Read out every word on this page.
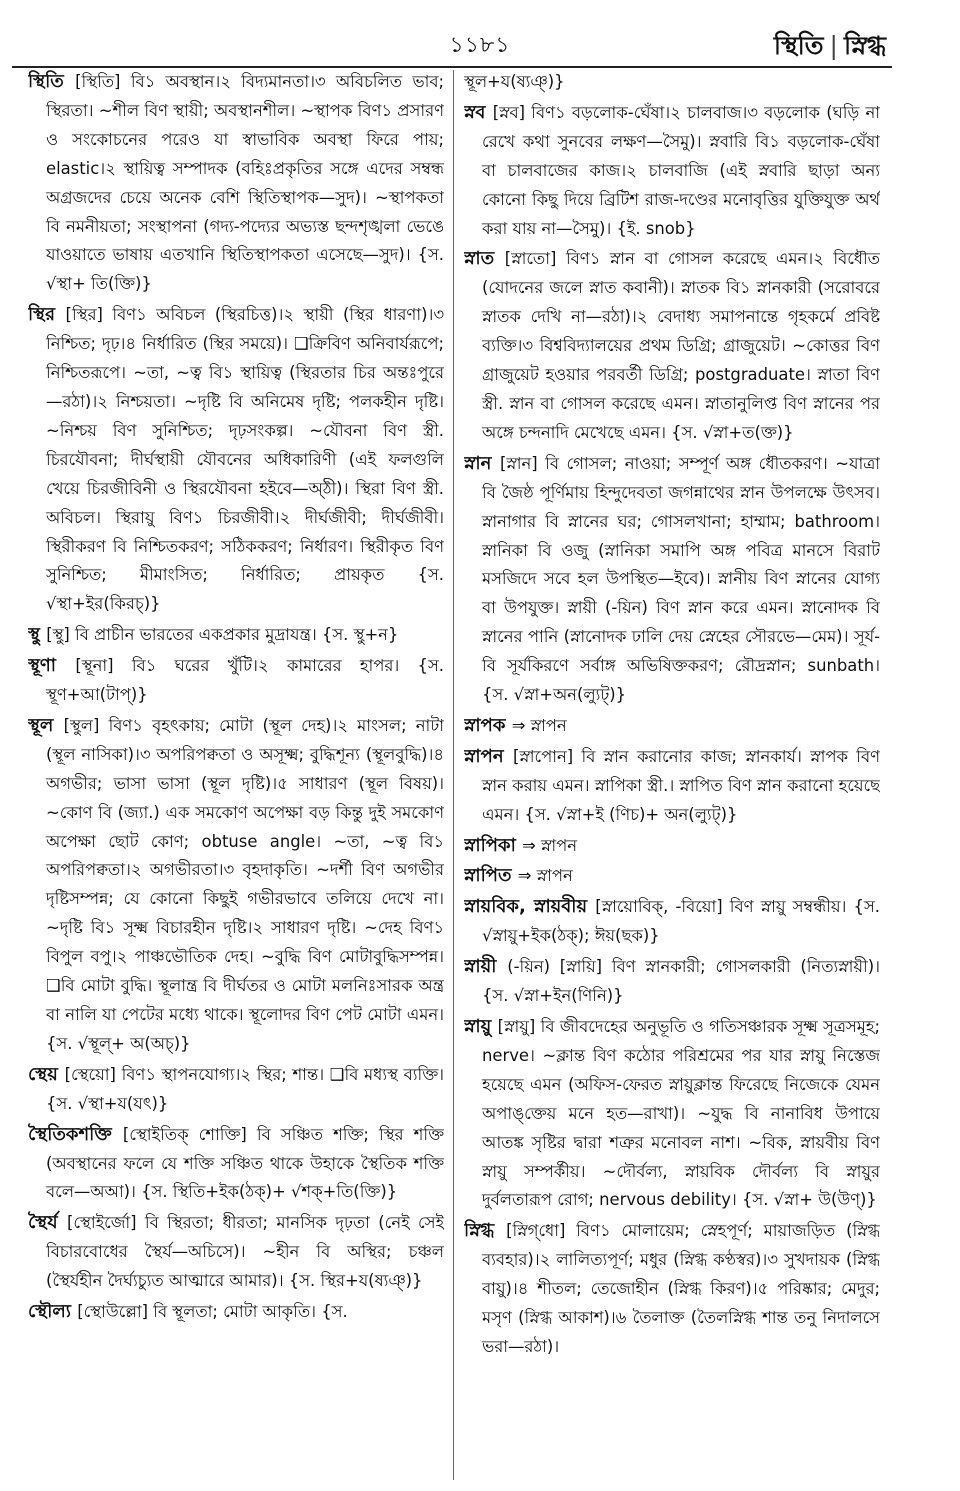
১১৮১	স্থিতি | স্নিগ্ধ

স্থিতি [স্থিতি] বি১ অবস্থান।২ বিদ্যমানতা।৩ অবিচলিত ভাব; স্থিরতা। ~শীল বিণ স্থায়ী; অবস্থানশীল। ~স্থাপক বিণ১ প্রসারণ ও সংকোচনের পরেও যা স্বাভাবিক অবস্থা ফিরে পায়; elastic।২ স্থায়িত্ব সম্পাদক (বহিঃপ্রকৃতির সঙ্গে এদের সম্বন্ধ অগ্রজদের চেয়ে অনেক বেশি স্থিতিস্থাপক—সুদ)। ~স্থাপকতা বি নমনীয়তা; সংস্থাপনা (গদ্য-পদ্যের অভ্যস্ত ছন্দশৃঙ্খলা ভেঙে যাওয়াতে ভাষায় এতখানি স্থিতিস্থাপকতা এসেছে—সুদ)। {স. √স্থা+ তি(ক্তি)}

স্থির [স্থির] বিণ১ অবিচল (স্থিরচিত্ত)।২ স্থায়ী (স্থির ধারণা)।৩ নিশ্চিত; দৃঢ়।৪ নির্ধারিত (স্থির সময়ে)। ❑ক্রিবিণ অনিবার্যরূপে; নিশ্চিতরূপে। ~তা, ~ত্ব বি১ স্থায়িত্ব (স্থিরতার চির অন্তঃপুরে—রঠা)।২ নিশ্চয়তা। ~দৃষ্টি বি অনিমেষ দৃষ্টি; পলকহীন দৃষ্টি। ~নিশ্চয় বিণ সুনিশ্চিত; দৃঢ়সংকল্প। ~যৌবনা বিণ স্ত্রী. চিরযৌবনা; দীর্ঘস্থায়ী যৌবনের অধিকারিণী (এই ফলগুলি খেয়ে চিরজীবিনী ও স্থিরযৌবনা হইবে—অ্ঠী)। স্থিরা বিণ স্ত্রী. অবিচল। স্থিরায়ু বিণ১ চিরজীবী।২ দীর্ঘজীবী; দীর্ঘজীবী। স্থিরীকরণ বি নিশ্চিতকরণ; সঠিককরণ; নির্ধারণ। স্থিরীকৃত বিণ সুনিশ্চিত; মীমাংসিত; নির্ধারিত; প্রায়কৃত {স. √স্থা+ইর(কিরচ্)}

স্থু [স্থু] বি প্রাচীন ভারতের একপ্রকার মুদ্রাযন্ত্র। {স. স্থু+ন}

স্থূণা [স্থূনা] বি১ ঘরের খুঁটি।২ কামারের হাপর। {স. স্থূণ+আ(টাপ্)}

স্থূল [স্থুল] বিণ১ বৃহৎকায়; মোটা (স্থূল দেহ)।২ মাংসল; নাটা (স্থূল নাসিকা)।৩ অপরিপক্বতা ও অসূক্ষ্ম; বুদ্ধিশূন্য (স্থূলবুদ্ধি)।৪ অগভীর; ভাসা ভাসা (স্থূল দৃষ্টি)।৫ সাধারণ (স্থূল বিষয়)। ~কোণ বি (জ্যা.) এক সমকোণ অপেক্ষা বড় কিন্তু দুই সমকোণ অপেক্ষা ছোট কোণ; obtuse angle। ~তা, ~ত্ব বি১ অপরিপক্বতা।২ অগভীরতা।৩ বৃহদাকৃতি। ~দর্শী বিণ অগভীর দৃষ্টিসম্পন্ন; যে কোনো কিছুই গভীরভাবে তলিয়ে দেখে না। ~দৃষ্টি বি১ সূক্ষ্ম বিচারহীন দৃষ্টি।২ সাধারণ দৃষ্টি। ~দেহ বিণ১ বিপুল বপু।২ পাঞ্চভৌতিক দেহ। ~বুদ্ধি বিণ মোটাবুদ্ধিসম্পন্ন। ❑বি মোটা বুদ্ধি। স্থূলান্ত্র বি দীর্ঘতর ও মোটা মলনিঃসারক অন্ত্র বা নালি যা পেটের মধ্যে থাকে। স্থূলোদর বিণ পেট মোটা এমন। {স. √স্থূল্+ অ(অচ্)}

স্থেয় [স্থেয়ো] বিণ১ স্থাপনযোগ্য।২ স্থির; শান্ত। ❑বি মধ্যস্থ ব্যক্তি। {স. √স্থা+য(যৎ)}

স্থৈতিকশক্তি [স্থোইতিক্ শোক্তি] বি সঞ্চিত শক্তি; স্থির শক্তি (অবস্থানের ফলে যে শক্তি সঞ্চিত থাকে উহাকে স্থৈতিক শক্তি বলে—অআ)। {স. স্থিতি+ইক(ঠক্)+ √শক্+তি(ক্তি)}

স্থৈর্য [স্থোইর্জো] বি স্থিরতা; ধীরতা; মানসিক দৃঢ়তা (নেই সেই বিচারবোধের স্থৈর্য—অচিসে)। ~হীন বি অস্থির; চঞ্চল (স্থৈর্যহীন দৈর্ঘ্যচ্যুত আত্মারে আমার)। {স. স্থির+য(ষ্যঞ্)}

স্থৌল্য [স্থোউল্লো] বি স্থূলতা; মোটা আকৃতি। {স.

স্থূল+য(ষ্যঞ্)}

স্নব [স্নব] বিণ১ বড়লোক-ঘেঁষা।২ চালবাজ।৩ বড়লোক (ঘড়ি না রেখে কথা সুনবের লক্ষণ—সৈমু)। স্নবারি বি১ বড়লোক-ঘেঁষা বা চালবাজের কাজ।২ চালবাজি (এই স্নবারি ছাড়া অন্য কোনো কিছু দিয়ে ব্রিটিশ রাজ-দণ্ডের মনোবৃত্তির যুক্তিযুক্ত অর্থ করা যায় না—সৈমু)। {ই. snob}

স্নাত [স্নাতো] বিণ১ স্নান বা গোসল করেছে এমন।২ বিধৌত (যোদনের জলে স্নাত কবানী)। স্নাতক বি১ স্নানকারী (সরোবরে স্নাতক দেখি না—রঠা)।২ বেদাধ্য সমাপনান্তে গৃহকর্মে প্রবিষ্ট ব্যক্তি।৩ বিশ্ববিদ্যালয়ের প্রথম ডিগ্রি; গ্রাজুয়েট। ~কোত্তর বিণ গ্রাজুয়েট হওয়ার পরবর্তী ডিগ্রি; postgraduate। স্নাতা বিণ স্ত্রী. স্নান বা গোসল করেছে এমন। স্নাতানুলিপ্ত বিণ স্নানের পর অঙ্গে চন্দনাদি মেখেছে এমন। {স. √স্না+ত(ক্ত)}

স্নান [স্নান] বি গোসল; নাওয়া; সম্পূর্ণ অঙ্গ ধৌতকরণ। ~যাত্রা বি জৈষ্ঠ পূর্ণিমায় হিন্দুদেবতা জগন্নাথের স্নান উপলক্ষে উৎসব। স্নানাগার বি স্নানের ঘর; গোসলখানা; হাম্মাম; bathroom। স্নানিকা বি ওজু (স্নানিকা সমাপি অঙ্গ পবিত্র মানসে বিরাট মসজিদে সবে হল উপস্থিত—ইবে)। স্নানীয় বিণ স্নানের যোগ্য বা উপযুক্ত। স্নায়ী (-য়িন) বিণ স্নান করে এমন। স্নানোদক বি স্নানের পানি (স্নানোদক ঢালি দেয় স্নেহের সৌরভে—মেম)। সূর্য- বি সূর্যকিরণে সর্বাঙ্গ অভিষিক্তকরণ; রৌদ্রস্নান; sunbath। {স. √স্না+অন(ল্যুট্)}

স্নাপক ⇒ স্নাপন

স্নাপন [স্নাপোন] বি স্নান করানোর কাজ; স্নানকার্য। স্নাপক বিণ স্নান করায় এমন। স্নাপিকা স্ত্রী.। স্নাপিত বিণ স্নান করানো হয়েছে এমন। {স. √স্না+ই (ণিচ)+ অন(ল্যুট্)}

স্নাপিকা ⇒ স্নাপন

স্নাপিত ⇒ স্নাপন

স্নায়বিক, স্নায়বীয় [স্নায়োবিক্, -বিয়ো] বিণ স্নায়ু সম্বন্ধীয়। {স. √স্নায়ু+ইক(ঠক্); ঈয়(ছক)}

স্নায়ী (-য়িন) [স্নায়ি] বিণ স্নানকারী; গোসলকারী (নিত্যস্নায়ী)। {স. √স্না+ইন(ণিনি)}

স্নায়ু [স্নায়ু] বি জীবদেহের অনুভূতি ও গতিসঞ্চারক সূক্ষ্ম সূত্রসমূহ; nerve। ~ক্লান্ত বিণ কঠোর পরিশ্রমের পর যার স্নায়ু নিস্তেজ হয়েছে এমন (অফিস-ফেরত স্নায়ুক্লান্ত ফিরেছে নিজেকে যেমন অপাঙ্‌ক্তেয় মনে হত—রাখা)। ~যুদ্ধ বি নানাবিধ উপায়ে আতঙ্ক সৃষ্টির দ্বারা শত্রুর মনোবল নাশ। ~বিক, স্নায়বীয় বিণ স্নায়ু সম্পর্কীয়। ~দৌর্বল্য, স্নায়বিক দৌর্বল্য বি স্নায়ুর দুর্বলতারূপ রোগ; nervous debility। {স. √স্না+ উ(উণ্)}

স্নিগ্ধ [স্নিগ্‌ধো] বিণ১ মোলায়েম; স্নেহপূর্ণ; মায়াজড়িত (স্নিগ্ধ ব্যবহার)।২ লালিত্যপূর্ণ; মধুর (স্নিগ্ধ কণ্ঠস্বর)।৩ সুখদায়ক (স্নিগ্ধ বায়ু)।৪ শীতল; তেজোহীন (স্নিগ্ধ কিরণ)।৫ পরিষ্কার; মেদুর; মসৃণ (স্নিগ্ধ আকাশ)।৬ তৈলাক্ত (তৈলস্নিগ্ধ শান্ত তনু নিদালসে ভরা—রঠা)।
